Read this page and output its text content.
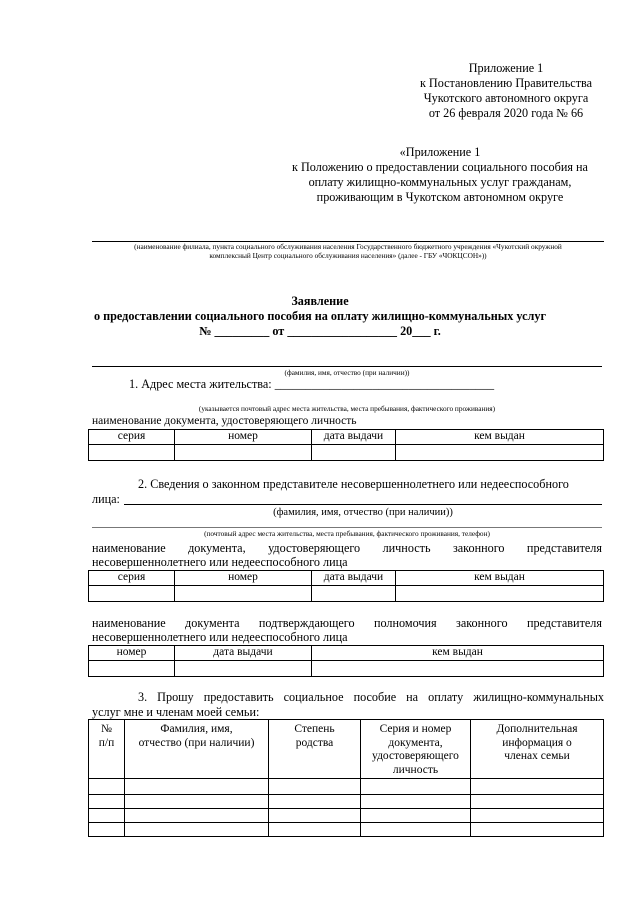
Приложение 1
к Постановлению Правительства
Чукотского автономного округа
от 26 февраля 2020 года № 66
«Приложение 1
к Положению о предоставлении социального пособия на
оплату жилищно-коммунальных услуг гражданам,
проживающим в Чукотском автономном округе
(наименование филиала, пункта социального обслуживания населения Государственного бюджетного учреждения «Чукотский окружной
комплексный Центр социального обслуживания населения» (далее - ГБУ «ЧОКЦСОН»))
Заявление
о предоставлении социального пособия на оплату жилищно-коммунальных услуг
№ _________ от __________________ 20___ г.
(фамилия, имя, отчество (при наличии))
1. Адрес места жительства: ____________________________________
(указывается почтовый адрес места жительства, места пребывания, фактического проживания)
наименование документа, удостоверяющего личность
серия	номер	дата выдачи	кем выдан

2. Сведения о законном представителе несовершеннолетнего или недееспособного
лица:
(фамилия, имя, отчество (при наличии))
(почтовый адрес места жительства, места пребывания, фактического проживания, телефон)
наименование документа, удостоверяющего личность законного представителя
несовершеннолетнего или недееспособного лица
серия	номер	дата выдачи	кем выдан

наименование документа подтверждающего полномочия законного представителя
несовершеннолетнего или недееспособного лица
номер	дата выдачи	кем выдан

3. Прошу предоставить социальное пособие на оплату жилищно-коммунальных
услуг мне и членам моей семьи:
№
п/п	Фамилия, имя,
отчество (при наличии)	Степень
родства	Серия и номер
документа,
удостоверяющего
личность	Дополнительная
информация о
членах семьи
